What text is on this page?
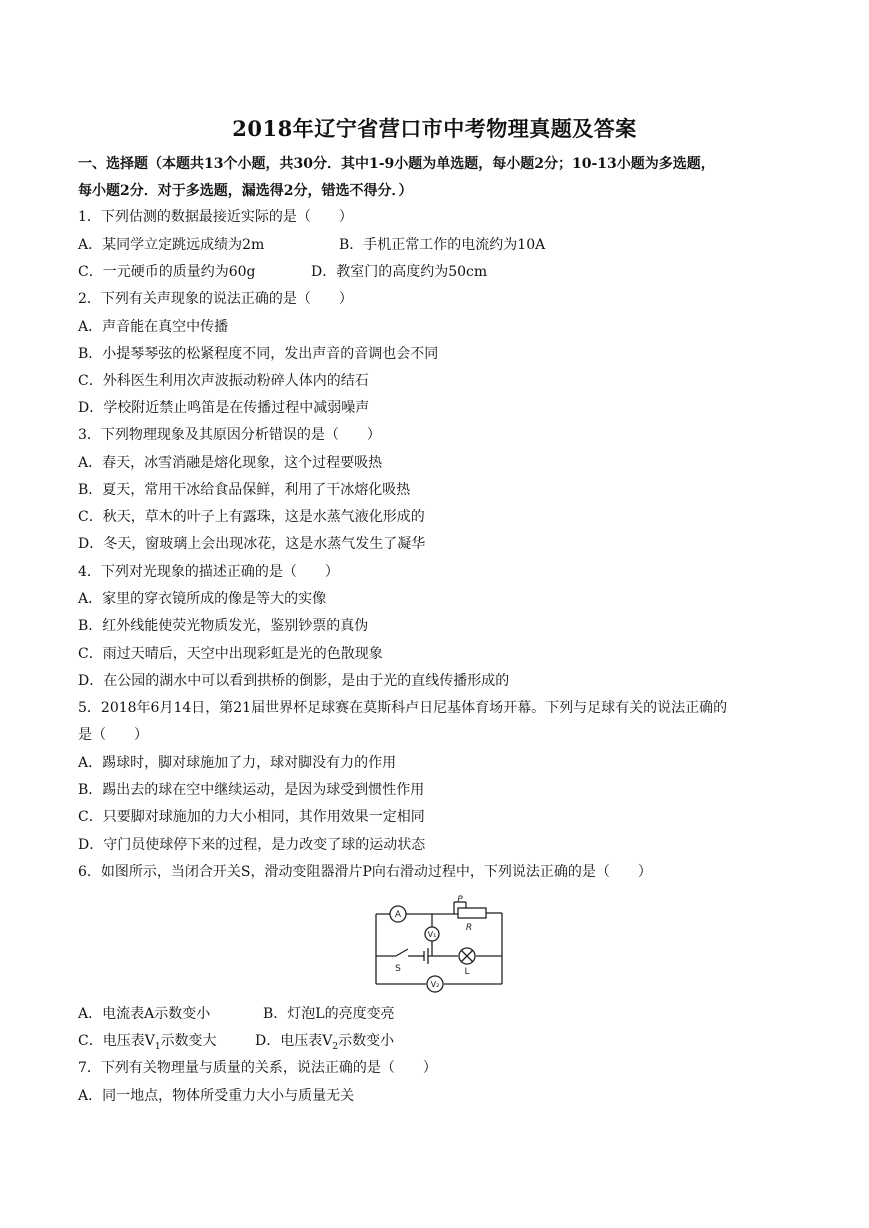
2018年辽宁省营口市中考物理真题及答案
一、选择题（本题共13个小题，共30分．其中1-9小题为单选题，每小题2分；10-13小题为多选题，
每小题2分．对于多选题，漏选得2分，错选不得分．）
1．下列估测的数据最接近实际的是（　　）
A．某同学立定跳远成绩为2m	B．手机正常工作的电流约为10A
C．一元硬币的质量约为60g	D．教室门的高度约为50cm
2．下列有关声现象的说法正确的是（　　）
A．声音能在真空中传播
B．小提琴琴弦的松紧程度不同，发出声音的音调也会不同
C．外科医生利用次声波振动粉碎人体内的结石
D．学校附近禁止鸣笛是在传播过程中减弱噪声
3．下列物理现象及其原因分析错误的是（　　）
A．春天，冰雪消融是熔化现象，这个过程要吸热
B．夏天，常用干冰给食品保鲜，利用了干冰熔化吸热
C．秋天，草木的叶子上有露珠，这是水蒸气液化形成的
D．冬天，窗玻璃上会出现冰花，这是水蒸气发生了凝华
4．下列对光现象的描述正确的是（　　）
A．家里的穿衣镜所成的像是等大的实像
B．红外线能使荧光物质发光，鉴别钞票的真伪
C．雨过天晴后，天空中出现彩虹是光的色散现象
D．在公园的湖水中可以看到拱桥的倒影，是由于光的直线传播形成的
5．2018年6月14日，第21届世界杯足球赛在莫斯科卢日尼基体育场开幕。下列与足球有关的说法正确的
是（　　）
A．踢球时，脚对球施加了力，球对脚没有力的作用
B．踢出去的球在空中继续运动，是因为球受到惯性作用
C．只要脚对球施加的力大小相同，其作用效果一定相同
D．守门员使球停下来的过程，是力改变了球的运动状态
6．如图所示，当闭合开关S，滑动变阻器滑片P向右滑动过程中，下列说法正确的是（　　）
A
V₁
V₂
P
R
S	L
A．电流表A示数变小	B．灯泡L的亮度变亮
C．电压表$V_1$示数变大	D．电压表$V_2$示数变小
7．下列有关物理量与质量的关系，说法正确的是（　　）
A．同一地点，物体所受重力大小与质量无关
